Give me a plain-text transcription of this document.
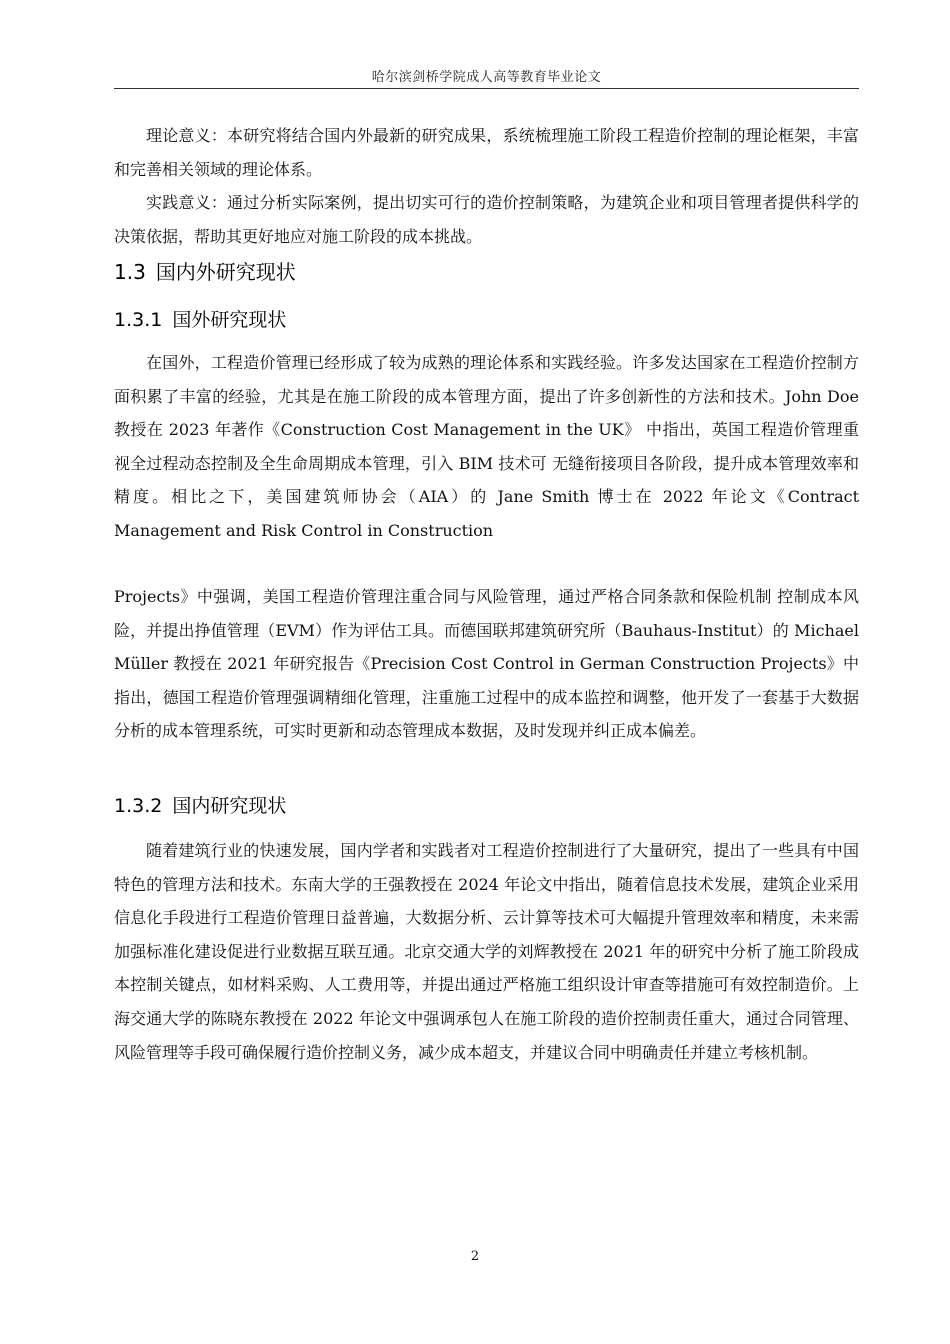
哈尔滨剑桥学院成人高等教育毕业论文

理论意义：本研究将结合国内外最新的研究成果，系统梳理施工阶段工程造价控制的理论框架，丰富和完善相关领域的理论体系。

实践意义：通过分析实际案例，提出切实可行的造价控制策略，为建筑企业和项目管理者提供科学的决策依据，帮助其更好地应对施工阶段的成本挑战。

1.3 国内外研究现状
1.3.1 国外研究现状

在国外，工程造价管理已经形成了较为成熟的理论体系和实践经验。许多发达国家在工程造价控制方面积累了丰富的经验，尤其是在施工阶段的成本管理方面，提出了许多创新性的方法和技术。John Doe 教授在 2023 年著作《Construction Cost Management in the UK》 中指出，英国工程造价管理重视全过程动态控制及全生命周期成本管理，引入 BIM 技术可 无缝衔接项目各阶段，提升成本管理效率和精度。相比之下，美国建筑师协会（AIA）的 Jane Smith 博士在 2022 年论文《Contract Management and Risk Control in Construction

Projects》中强调，美国工程造价管理注重合同与风险管理，通过严格合同条款和保险机制 控制成本风险，并提出挣值管理（EVM）作为评估工具。而德国联邦建筑研究所（Bauhaus-Institut）的 Michael Müller 教授在 2021 年研究报告《Precision Cost Control in German Construction Projects》中指出，德国工程造价管理强调精细化管理，注重施工过程中的成本监控和调整，他开发了一套基于大数据分析的成本管理系统，可实时更新和动态管理成本数据，及时发现并纠正成本偏差。

1.3.2 国内研究现状

随着建筑行业的快速发展，国内学者和实践者对工程造价控制进行了大量研究，提出了一些具有中国特色的管理方法和技术。东南大学的王强教授在 2024 年论文中指出，随着信息技术发展，建筑企业采用信息化手段进行工程造价管理日益普遍，大数据分析、云计算等技术可大幅提升管理效率和精度，未来需加强标准化建设促进行业数据互联互通。北京交通大学的刘辉教授在 2021 年的研究中分析了施工阶段成本控制关键点，如材料采购、人工费用等，并提出通过严格施工组织设计审查等措施可有效控制造价。上海交通大学的陈晓东教授在 2022 年论文中强调承包人在施工阶段的造价控制责任重大，通过合同管理、风险管理等手段可确保履行造价控制义务，减少成本超支，并建议合同中明确责任并建立考核机制。

2
